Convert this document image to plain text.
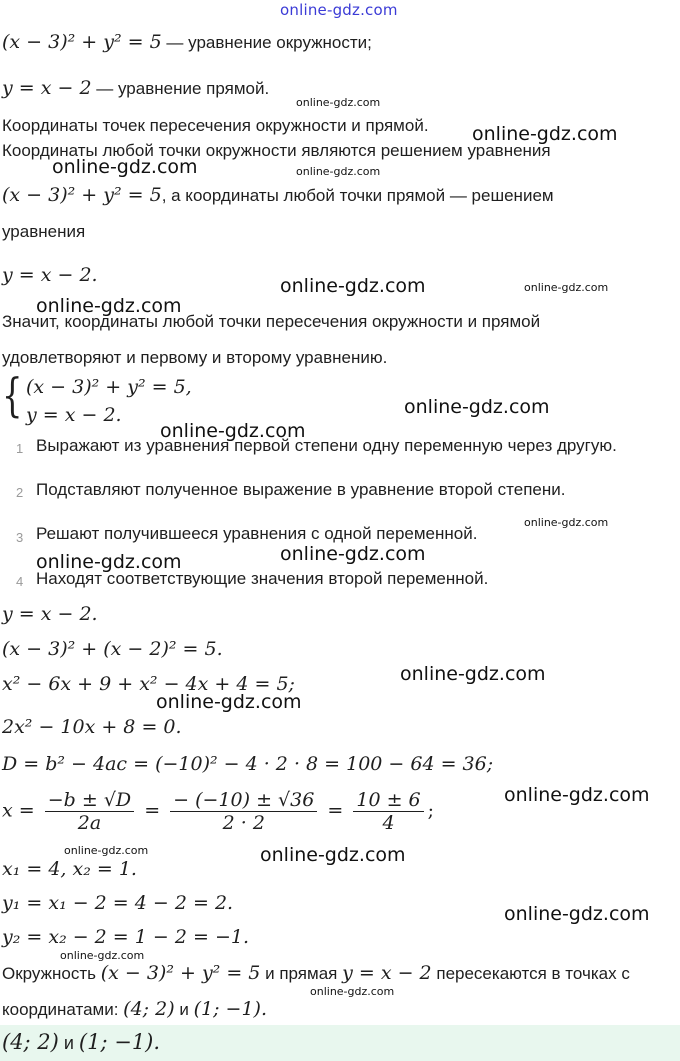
online-gdz.com
(x − 3)² + y² = 5 — уравнение окружности;
y = x − 2 — уравнение прямой.
online-gdz.com
Координаты точек пересечения окружности и прямой. online-gdz.com
Координаты любой точки окружности являются решением уравнения
online-gdz.com	online-gdz.com
(x − 3)² + y² = 5, а координаты любой точки прямой — решением
уравнения
y = x − 2.	online-gdz.com	online-gdz.com
online-gdz.com
Значит, координаты любой точки пересечения окружности и прямой
удовлетворяют и первому и второму уравнению.
{ (x − 3)² + y² = 5,
y = x − 2.	online-gdz.com
online-gdz.com
1 Выражают из уравнения первой степени одну переменную через другую.
2 Подставляют полученное выражение в уравнение второй степени.
online-gdz.com
3 Решают получившееся уравнения с одной переменной.
online-gdz.com
online-gdz.com
4 Находят соответствующие значения второй переменной.
y = x − 2.
(x − 3)² + (x − 2)² = 5.
online-gdz.com
x² − 6x + 9 + x² − 4x + 4 = 5;
online-gdz.com
2x² − 10x + 8 = 0.
D = b² − 4ac = (−10)² − 4 · 2 · 8 = 100 − 64 = 36;
online-gdz.com
$x = \frac{-b \pm √D}{2a} = \frac{- (-10) \pm √36}{2 \cdot 2} = \frac{10 \pm 6}{4}$ ;
online-gdz.com	online-gdz.com
x₁ = 4, x₂ = 1.
y₁ = x₁ − 2 = 4 − 2 = 2.	online-gdz.com
y₂ = x₂ − 2 = 1 − 2 = −1.
online-gdz.com
Окружность (x − 3)² + y² = 5 и прямая y = x − 2 пересекаются в точках с
online-gdz.com
координатами: (4; 2) и (1; −1).
(4; 2) и (1; −1).
